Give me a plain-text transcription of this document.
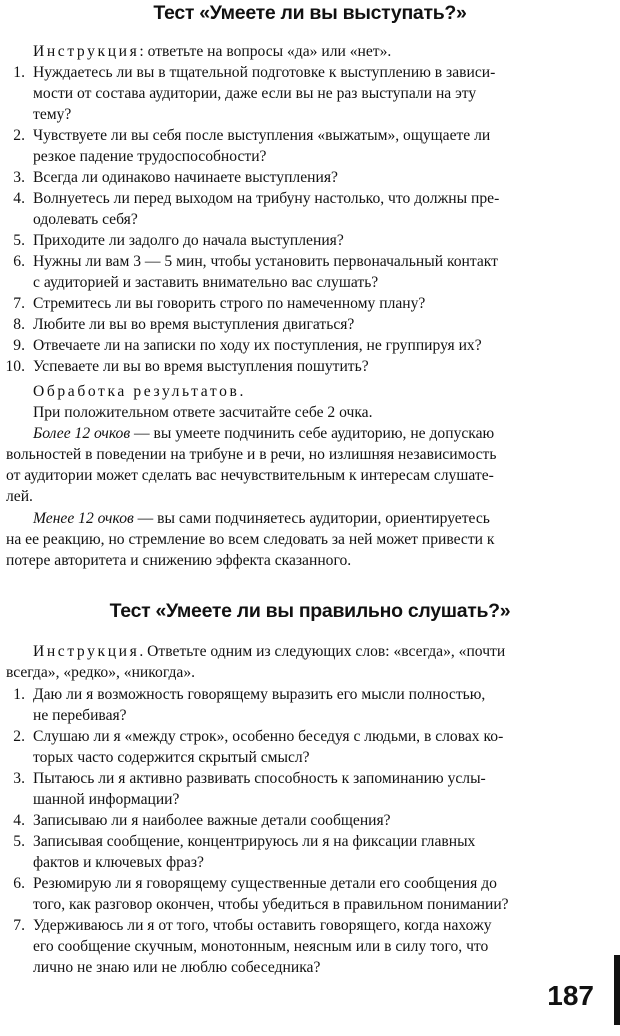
Тест «Умеете ли вы выступать?»
Инструкция: ответьте на вопросы «да» или «нет».
1. Нуждаетесь ли вы в тщательной подготовке к выступлению в зависи-
мости от состава аудитории, даже если вы не раз выступали на эту
тему?
2. Чувствуете ли вы себя после выступления «выжатым», ощущаете ли
резкое падение трудоспособности?
3. Всегда ли одинаково начинаете выступления?
4. Волнуетесь ли перед выходом на трибуну настолько, что должны пре-
одолевать себя?
5. Приходите ли задолго до начала выступления?
6. Нужны ли вам 3 — 5 мин, чтобы установить первоначальный контакт
с аудиторией и заставить внимательно вас слушать?
7. Стремитесь ли вы говорить строго по намеченному плану?
8. Любите ли вы во время выступления двигаться?
9. Отвечаете ли на записки по ходу их поступления, не группируя их?
10. Успеваете ли вы во время выступления пошутить?
Обработка результатов.
При положительном ответе засчитайте себе 2 очка.
Более 12 очков — вы умеете подчинить себе аудиторию, не допускаю
вольностей в поведении на трибуне и в речи, но излишняя независимость
от аудитории может сделать вас нечувствительным к интересам слушате-
лей.
Менее 12 очков — вы сами подчиняетесь аудитории, ориентируетесь
на ее реакцию, но стремление во всем следовать за ней может привести к
потере авторитета и снижению эффекта сказанного.
Тест «Умеете ли вы правильно слушать?»
Инструкция. Ответьте одним из следующих слов: «всегда», «почти
всегда», «редко», «никогда».
1. Даю ли я возможность говорящему выразить его мысли полностью,
не перебивая?
2. Слушаю ли я «между строк», особенно беседуя с людьми, в словах ко-
торых часто содержится скрытый смысл?
3. Пытаюсь ли я активно развивать способность к запоминанию услы-
шанной информации?
4. Записываю ли я наиболее важные детали сообщения?
5. Записывая сообщение, концентрируюсь ли я на фиксации главных
фактов и ключевых фраз?
6. Резюмирую ли я говорящему существенные детали его сообщения до
того, как разговор окончен, чтобы убедиться в правильном понимании?
7. Удерживаюсь ли я от того, чтобы оставить говорящего, когда нахожу
его сообщение скучным, монотонным, неясным или в силу того, что
лично не знаю или не люблю собеседника?
187
